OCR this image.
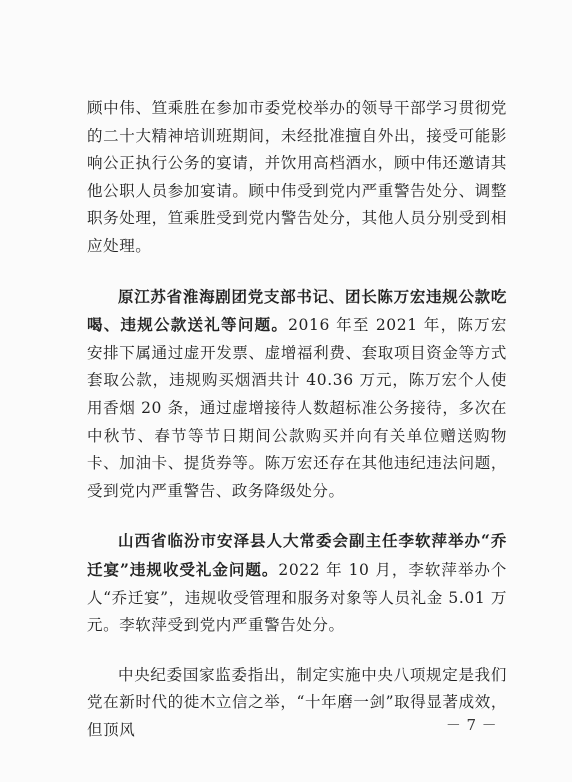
顾中伟、笪乘胜在参加市委党校举办的领导干部学习贯彻党的二十大精神培训班期间，未经批准擅自外出，接受可能影响公正执行公务的宴请，并饮用高档酒水，顾中伟还邀请其他公职人员参加宴请。顾中伟受到党内严重警告处分、调整职务处理，笪乘胜受到党内警告处分，其他人员分别受到相应处理。

原江苏省淮海剧团党支部书记、团长陈万宏违规公款吃喝、违规公款送礼等问题。2016 年至 2021 年，陈万宏安排下属通过虚开发票、虚增福利费、套取项目资金等方式套取公款，违规购买烟酒共计 40.36 万元，陈万宏个人使用香烟 20 条，通过虚增接待人数超标准公务接待，多次在中秋节、春节等节日期间公款购买并向有关单位赠送购物卡、加油卡、提货券等。陈万宏还存在其他违纪违法问题，受到党内严重警告、政务降级处分。

山西省临汾市安泽县人大常委会副主任李软萍举办“乔迁宴”违规收受礼金问题。2022 年 10 月，李软萍举办个人“乔迁宴”，违规收受管理和服务对象等人员礼金 5.01 万元。李软萍受到党内严重警告处分。

中央纪委国家监委指出，制定实施中央八项规定是我们党在新时代的徙木立信之举，“十年磨一剑”取得显著成效，但顶风	－ 7 －
